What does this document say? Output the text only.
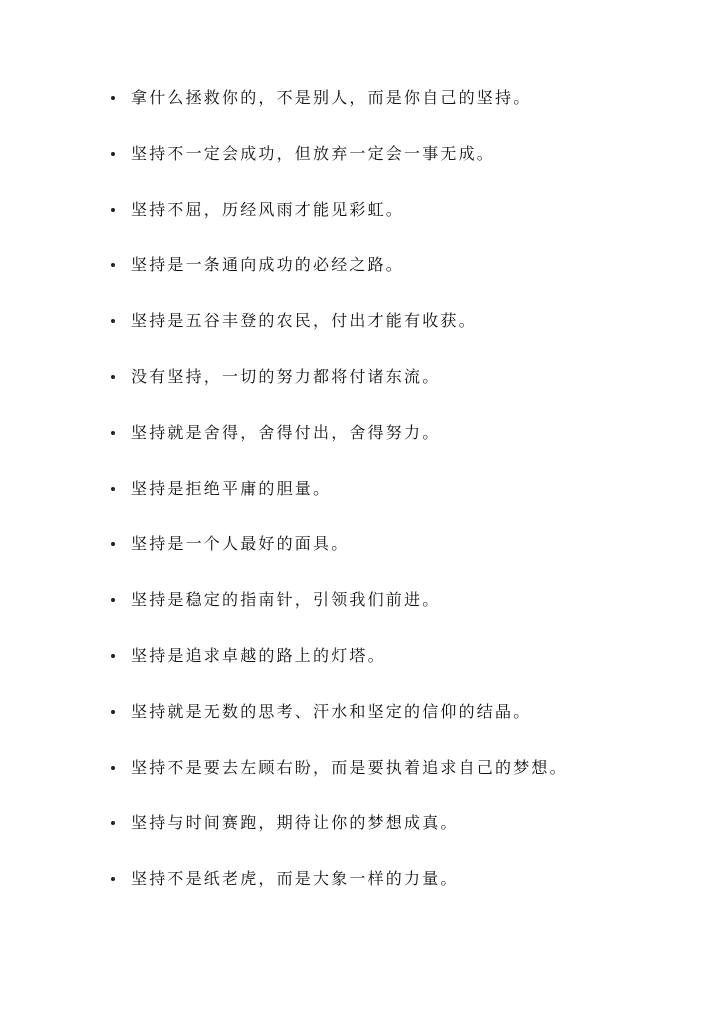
拿什么拯救你的，不是别人，而是你自己的坚持。
坚持不一定会成功，但放弃一定会一事无成。
坚持不屈，历经风雨才能见彩虹。
坚持是一条通向成功的必经之路。
坚持是五谷丰登的农民，付出才能有收获。
没有坚持，一切的努力都将付诸东流。
坚持就是舍得，舍得付出，舍得努力。
坚持是拒绝平庸的胆量。
坚持是一个人最好的面具。
坚持是稳定的指南针，引领我们前进。
坚持是追求卓越的路上的灯塔。
坚持就是无数的思考、汗水和坚定的信仰的结晶。
坚持不是要去左顾右盼，而是要执着追求自己的梦想。
坚持与时间赛跑，期待让你的梦想成真。
坚持不是纸老虎，而是大象一样的力量。
